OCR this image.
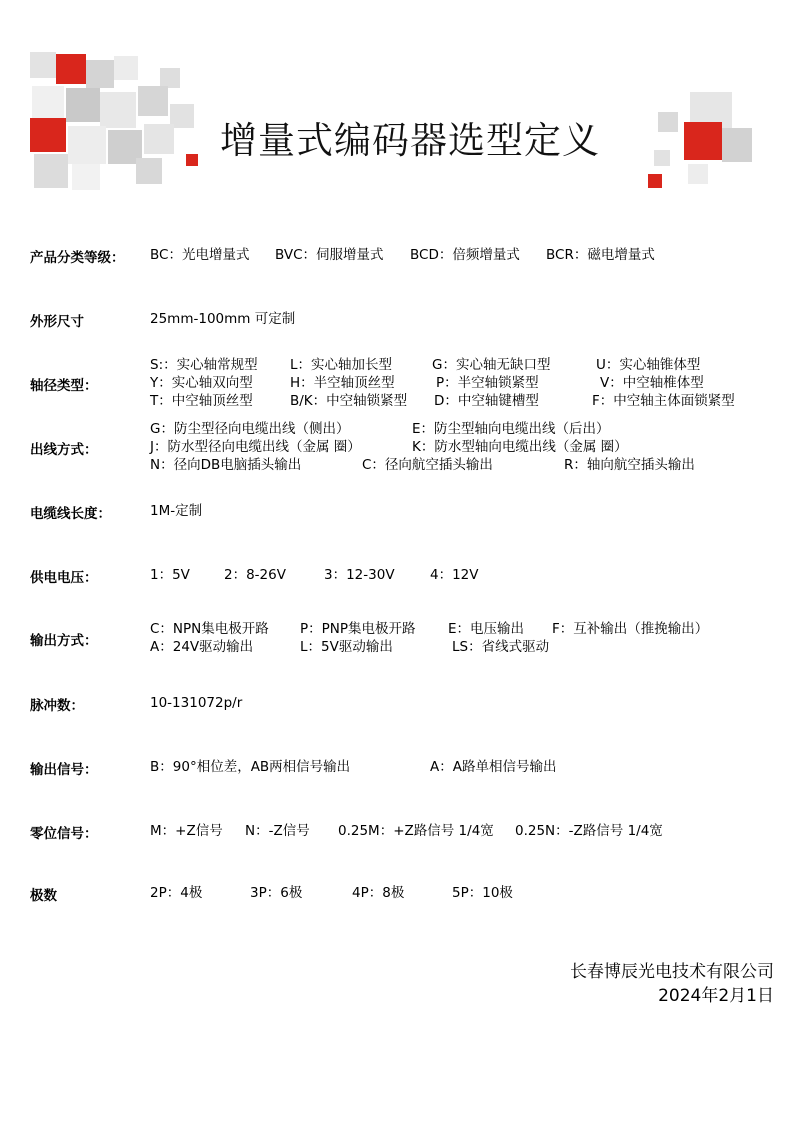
增量式编码器选型定义
产品分类等级： BC：光电增量式 BVC：伺服增量式 BCD：倍频增量式 BCR：磁电增量式
外形尺寸	25mm-100mm 可定制
轴径类型：
S:：实心轴常规型 L：实心轴加长型	G：实心轴无缺口型	U：实心轴锥体型
Y：实心轴双向型	H：半空轴顶丝型	P：半空轴锁紧型	V：中空轴椎体型
T：中空轴顶丝型	B/K：中空轴锁紧型 D：中空轴键槽型	F：中空轴主体面锁紧型
出线方式：
G：防尘型径向电缆出线（侧出）	E：防尘型轴向电缆出线（后出）
J：防水型径向电缆出线（金属 圈）	K：防水型轴向电缆出线（金属 圈）
N：径向DB电脑插头输出	C：径向航空插头输出	R：轴向航空插头输出
电缆线长度：	1M-定制
供电电压：	1：5V	2：8-26V	3：12-30V	4：12V
输出方式：
C：NPN集电极开路 P：PNP集电极开路 E：电压输出 F：互补输出（推挽输出）
A：24V驱动输出	L：5V驱动输出	LS：省线式驱动
脉冲数：	10-131072p/r
输出信号：	B：90°相位差，AB两相信号输出	A：A路单相信号输出
零位信号：	M：+Z信号 N：-Z信号 0.25M：+Z路信号 1/4宽 0.25N：-Z路信号 1/4宽
极数	2P：4极	3P：6极	4P：8极	5P：10极
长春博辰光电技术有限公司
2024年2月1日
